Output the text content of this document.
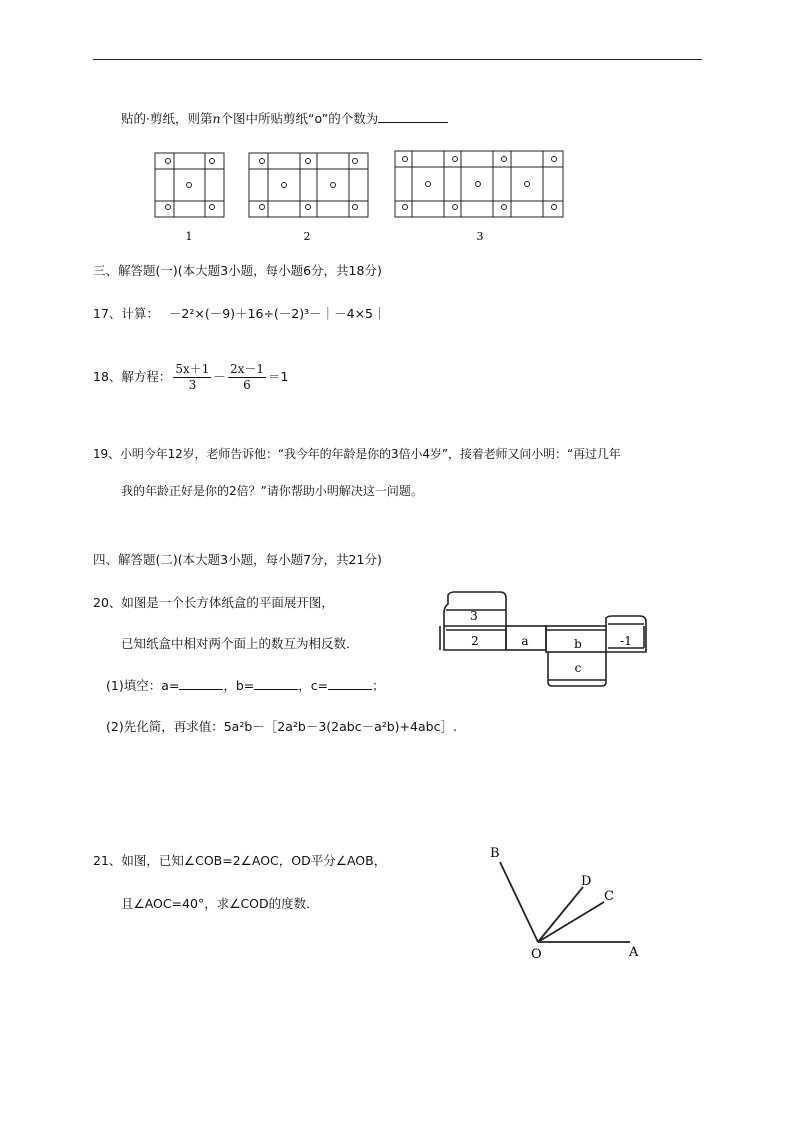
贴的·剪纸，则第n个图中所贴剪纸“o”的个数为
1	2	3
三、解答题(一)(本大题3小题，每小题6分，共18分)
17、计算： －2²×(－9)＋16÷(－2)³－｜－4×5｜
18、解方程： $\frac{5x+1}{3} - \frac{2x-1}{6} =1$
19、小明今年12岁，老师告诉他：“我今年的年龄是你的3倍小4岁”，接着老师又问小明：“再过几年
我的年龄正好是你的2倍？”请你帮助小明解决这一问题。
四、解答题(二)(本大题3小题，每小题7分，共21分)
20、如图是一个长方体纸盒的平面展开图，
已知纸盒中相对两个面上的数互为相反数．
(1)填空：a=	，b=	，c=	；
(2)先化简，再求值：5a²b－［2a²b－3(2abc－a²b)+4abc］.
3
2	a	b	-1
c
21、如图，已知∠COB=2∠AOC，OD平分∠AOB，
且∠AOC=40°，求∠COD的度数．
B
D
C
O	A
